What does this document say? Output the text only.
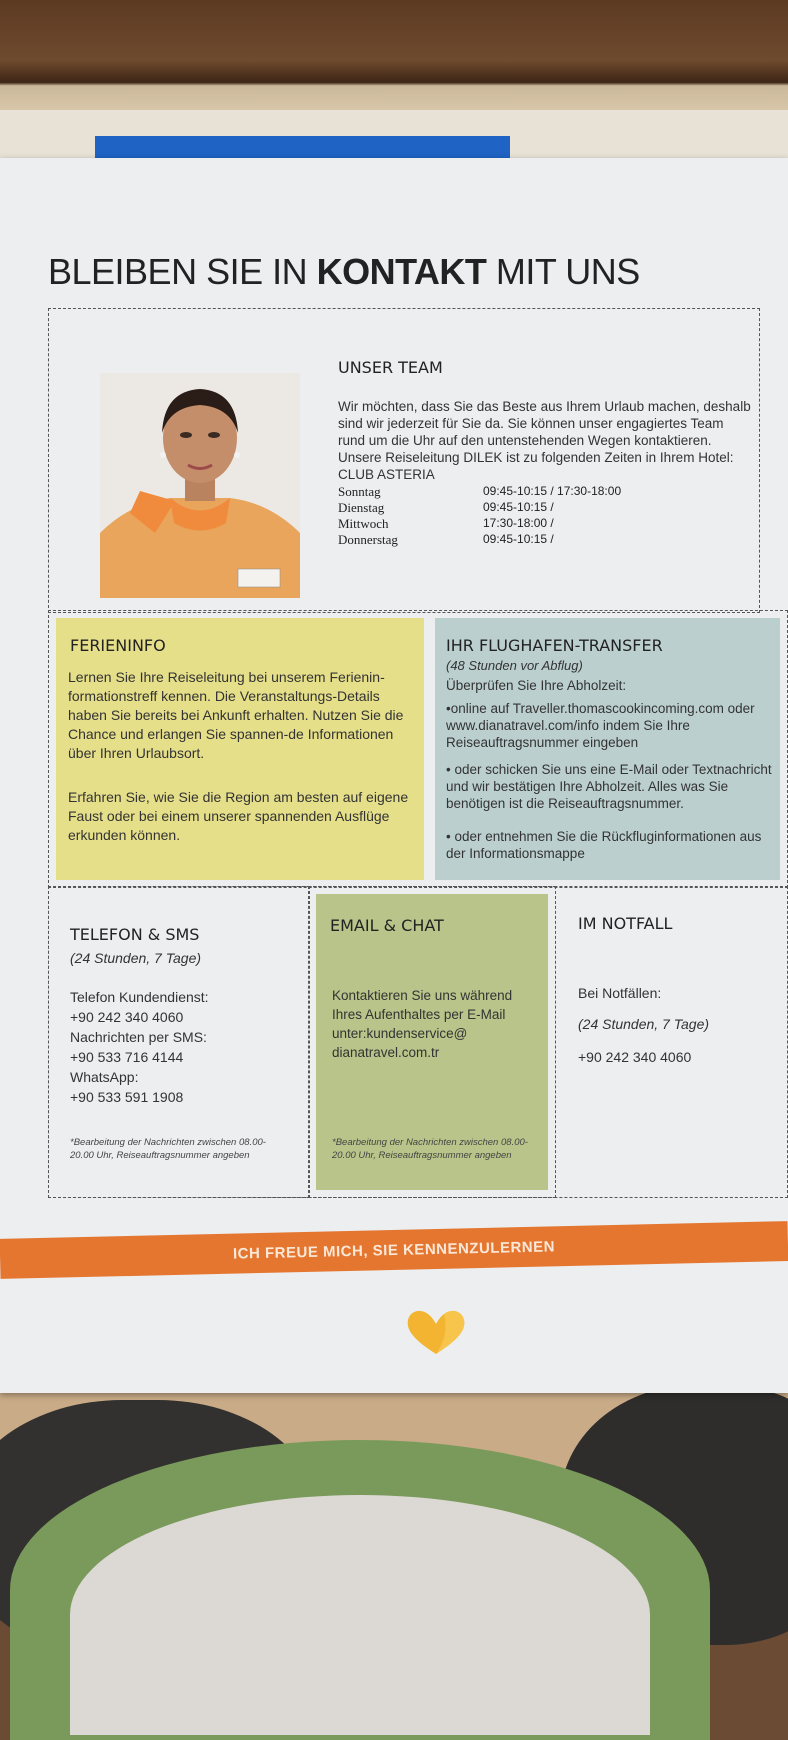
BLEIBEN SIE IN KONTAKT MIT UNS

UNSER TEAM

Wir möchten, dass Sie das Beste aus Ihrem Urlaub machen, deshalb sind wir jederzeit für Sie da. Sie können unser engagiertes Team rund um die Uhr auf den untenstehenden Wegen kontaktieren. Unsere Reiseleitung DILEK ist zu folgenden Zeiten in Ihrem Hotel: CLUB ASTERIA

Sonntag	09:45-10:15 / 17:30-18:00
Dienstag	09:45-10:15 /
Mittwoch	17:30-18:00 /
Donnerstag	09:45-10:15 /

FERIENINFO

Lernen Sie Ihre Reiseleitung bei unserem Ferienin-formationstreff kennen. Die Veranstaltungs-Details haben Sie bereits bei Ankunft erhalten. Nutzen Sie die Chance und erlangen Sie spannen-de Informationen über Ihren Urlaubsort.

Erfahren Sie, wie Sie die Region am besten auf eigene Faust oder bei einem unserer spannenden Ausflüge erkunden können.

IHR FLUGHAFEN-TRANSFER

(48 Stunden vor Abflug)

Überprüfen Sie Ihre Abholzeit:

•online auf Traveller.thomascookincoming.com oder www.dianatravel.com/info indem Sie Ihre Reiseauftragsnummer eingeben

• oder schicken Sie uns eine E-Mail oder Textnachricht und wir bestätigen Ihre Abholzeit. Alles was Sie benötigen ist die Reiseauftragsnummer.

• oder entnehmen Sie die Rückfluginformationen aus der Informationsmappe

TELEFON & SMS

(24 Stunden, 7 Tage)

Telefon Kundendienst:

+90 242 340 4060

Nachrichten per SMS:

+90 533 716 4144

WhatsApp:

+90 533 591 1908

*Bearbeitung der Nachrichten zwischen 08.00-20.00 Uhr, Reiseauftragsnummer angeben

EMAIL & CHAT

Kontaktieren Sie uns während Ihres Aufenthaltes per E-Mail unter:kundenservice@ dianatravel.com.tr

*Bearbeitung der Nachrichten zwischen 08.00-20.00 Uhr, Reiseauftragsnummer angeben

IM NOTFALL

Bei Notfällen:

(24 Stunden, 7 Tage)

+90 242 340 4060

ICH FREUE MICH, SIE KENNENZULERNEN
